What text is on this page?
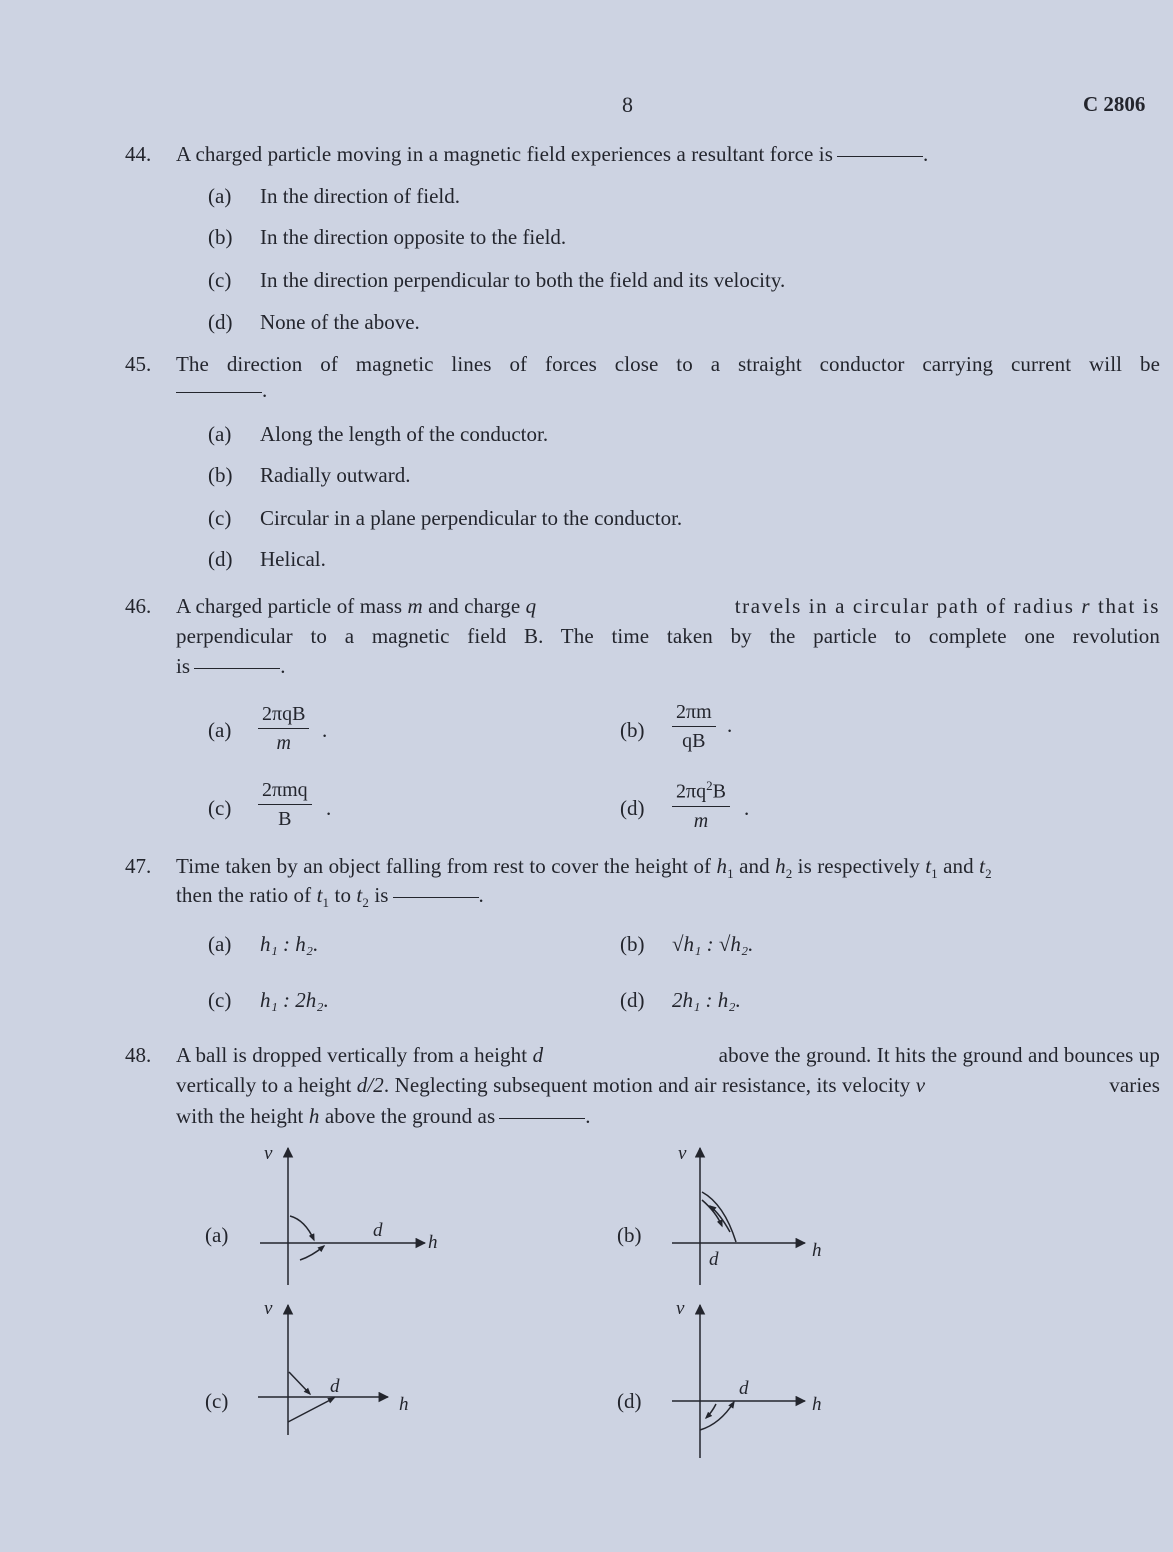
8	C 2806
44. A charged particle moving in a magnetic field experiences a resultant force is	.
(a) In the direction of field.
(b) In the direction opposite to the field.
(c) In the direction perpendicular to both the field and its velocity.
(d) None of the above.
45. The direction of magnetic lines of forces close to a straight conductor carrying current will be
.
(a) Along the length of the conductor.
(b) Radially outward.
(c) Circular in a plane perpendicular to the conductor.
(d) Helical.
46. A charged particle of mass m and charge q	travels in a circular path of radius r that is
perpendicular to a magnetic field B. The time taken by the particle to complete one revolution
is	.
(a)
2πqB
m
.	(b)
2πm
qB
.
(c)
2πmq
B	.	(d)
$2\pi q^2B$
m
.
47. Time taken by an object falling from rest to cover the height of $h_1$ and $h_2$ is respectively $t_1$ and $t_2$
then the ratio of $t_1$ to $t_2$ is	.
(a) h₁ : h₂.	(b) √h₁ : √h₂.
(c) h₁ : 2h₂.	(d) 2h₁ : h₂.
48. A ball is dropped vertically from a height d	above the ground. It hits the ground and bounces up
vertically to a height d/2. Neglecting subsequent motion and air resistance, its velocity v	varies
with the height h above the ground as	.
(a)	(b)
(c)	(d)
v
h
d
v
h
d
v
h
d
v
h
d
